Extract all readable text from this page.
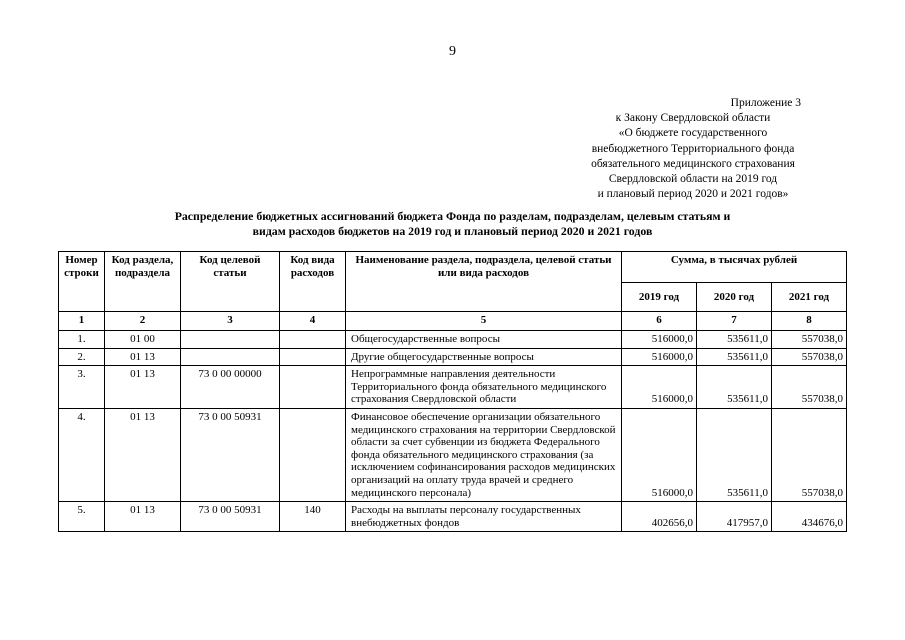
9
Приложение 3
к Закону Свердловской области
«О бюджете государственного
внебюджетного Территориального фонда
обязательного медицинского страхования
Свердловской области на 2019 год
и плановый период 2020 и 2021 годов»
Распределение бюджетных ассигнований бюджета Фонда по разделам, подразделам, целевым статьям и
видам расходов бюджетов на 2019 год и плановый период 2020 и 2021 годов
Номер строки	Код раздела, подраздела	Код целевой статьи	Код вида расходов	Наименование раздела, подраздела, целевой статьи или вида расходов	Сумма, в тысячах рублей		
					2019 год	2020 год	2021 год
1	2	3	4	5	6	7	8
1.	01 00			Общегосударственные вопросы	516000,0	535611,0	557038,0
2.	01 13			Другие общегосударственные вопросы	516000,0	535611,0	557038,0
3.	01 13	73 0 00 00000		Непрограммные направления деятельности Территориального фонда обязательного медицинского страхования Свердловской области	516000,0	535611,0	557038,0
4.	01 13	73 0 00 50931		Финансовое обеспечение организации обязательного медицинского страхования на территории Свердловской области за счет субвенции из бюджета Федерального фонда обязательного медицинского страхования (за исключением софинансирования расходов медицинских организаций на оплату труда врачей и среднего медицинского персонала)	516000,0	535611,0	557038,0
5.	01 13	73 0 00 50931	140	Расходы на выплаты персоналу государственных внебюджетных фондов	402656,0	417957,0	434676,0
